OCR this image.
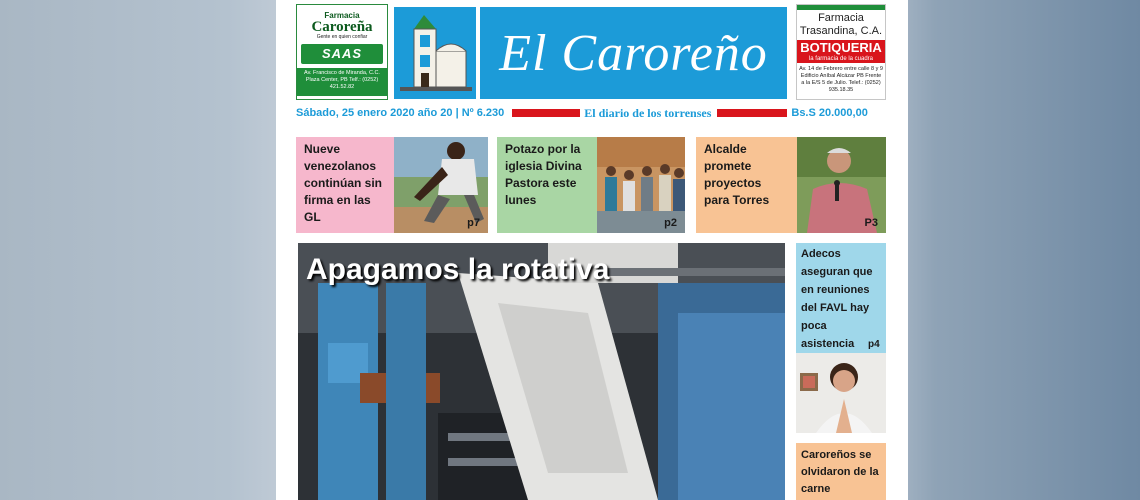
Farmacia
Caroreña
Gente en quien confiar
SAAS
Av. Francisco de Miranda, C.C. Plaza Center, PB Telf.: (0252) 421.52.82
El Caroreño
Farmacia
Trasandina, C.A.
BOTIQUERIA
la farmacia de la cuadra
Av. 14 de Febrero entre calle 8 y 9 Edificio Aníbal Alcázar PB Frente a la E/S 5 de Julio. Telef.: (0252) 935.18.35
Sábado, 25 enero 2020 año 20 | Nº 6.230	El diario de los torrenses	Bs.S 20.000,00
Nueve venezolanos continúan sin firma en las GL	p7
Potazo por la iglesia Divina Pastora este lunes
p2
Alcalde promete proyectos para Torres
P3
Apagamos la rotativa	Adecos aseguran que en reuniones del FAVL hay poca asistencia	p4
Caroreños se olvidaron de la carne
